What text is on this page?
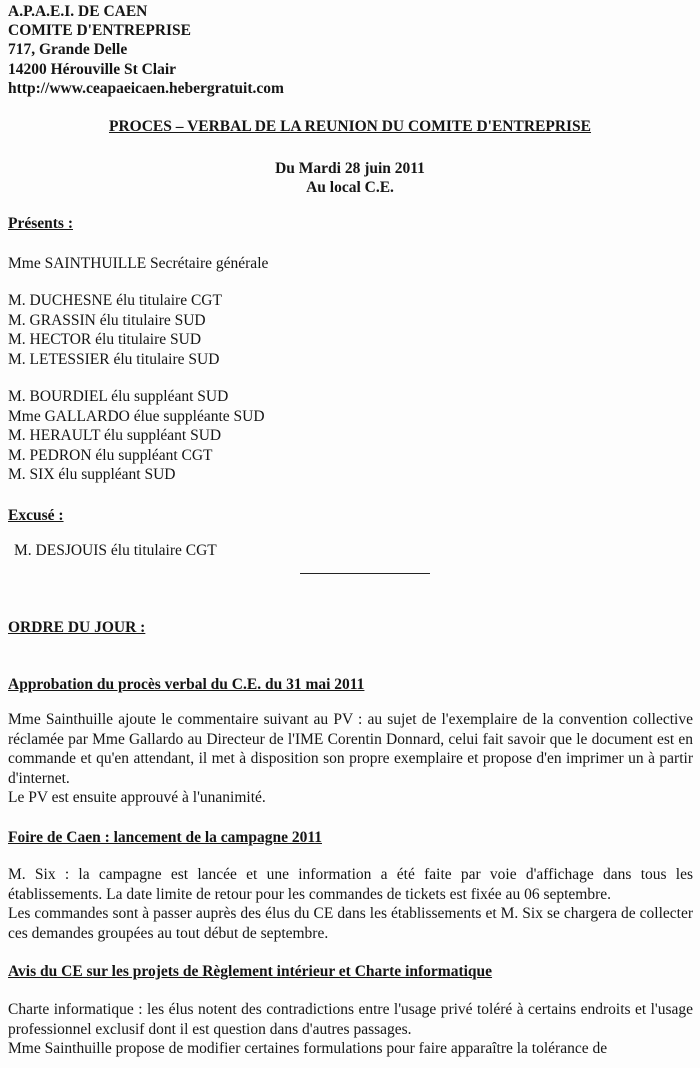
A.P.A.E.I. DE CAEN
COMITE D'ENTREPRISE
717, Grande Delle
14200 Hérouville St Clair
http://www.ceapaeicaen.hebergratuit.com
PROCES – VERBAL DE LA REUNION DU COMITE D'ENTREPRISE
Du Mardi 28 juin 2011
Au local C.E.
Présents :
Mme SAINTHUILLE Secrétaire générale
M. DUCHESNE élu titulaire CGT
M. GRASSIN élu titulaire SUD
M. HECTOR élu titulaire SUD
M. LETESSIER élu titulaire SUD
M. BOURDIEL élu suppléant SUD
Mme GALLARDO élue suppléante SUD
M. HERAULT élu suppléant SUD
M. PEDRON élu suppléant CGT
M. SIX élu suppléant SUD
Excusé :
M. DESJOUIS élu titulaire CGT
ORDRE DU JOUR :
Approbation du procès verbal du C.E. du 31 mai 2011

Mme Sainthuille ajoute le commentaire suivant au PV : au sujet de l'exemplaire de la convention collective réclamée par Mme Gallardo au Directeur de l'IME Corentin Donnard, celui fait savoir que le document est en commande et qu'en attendant, il met à disposition son propre exemplaire et propose d'en imprimer un à partir d'internet.

Le PV est ensuite approuvé à l'unanimité.

Foire de Caen : lancement de la campagne 2011

M. Six : la campagne est lancée et une information a été faite par voie d'affichage dans tous les établissements. La date limite de retour pour les commandes de tickets est fixée au 06 septembre.

Les commandes sont à passer auprès des élus du CE dans les établissements et M. Six se chargera de collecter ces demandes groupées au tout début de septembre.

Avis du CE sur les projets de Règlement intérieur et Charte informatique

Charte informatique : les élus notent des contradictions entre l'usage privé toléré à certains endroits et l'usage professionnel exclusif dont il est question dans d'autres passages.

Mme Sainthuille propose de modifier certaines formulations pour faire apparaître la tolérance de
